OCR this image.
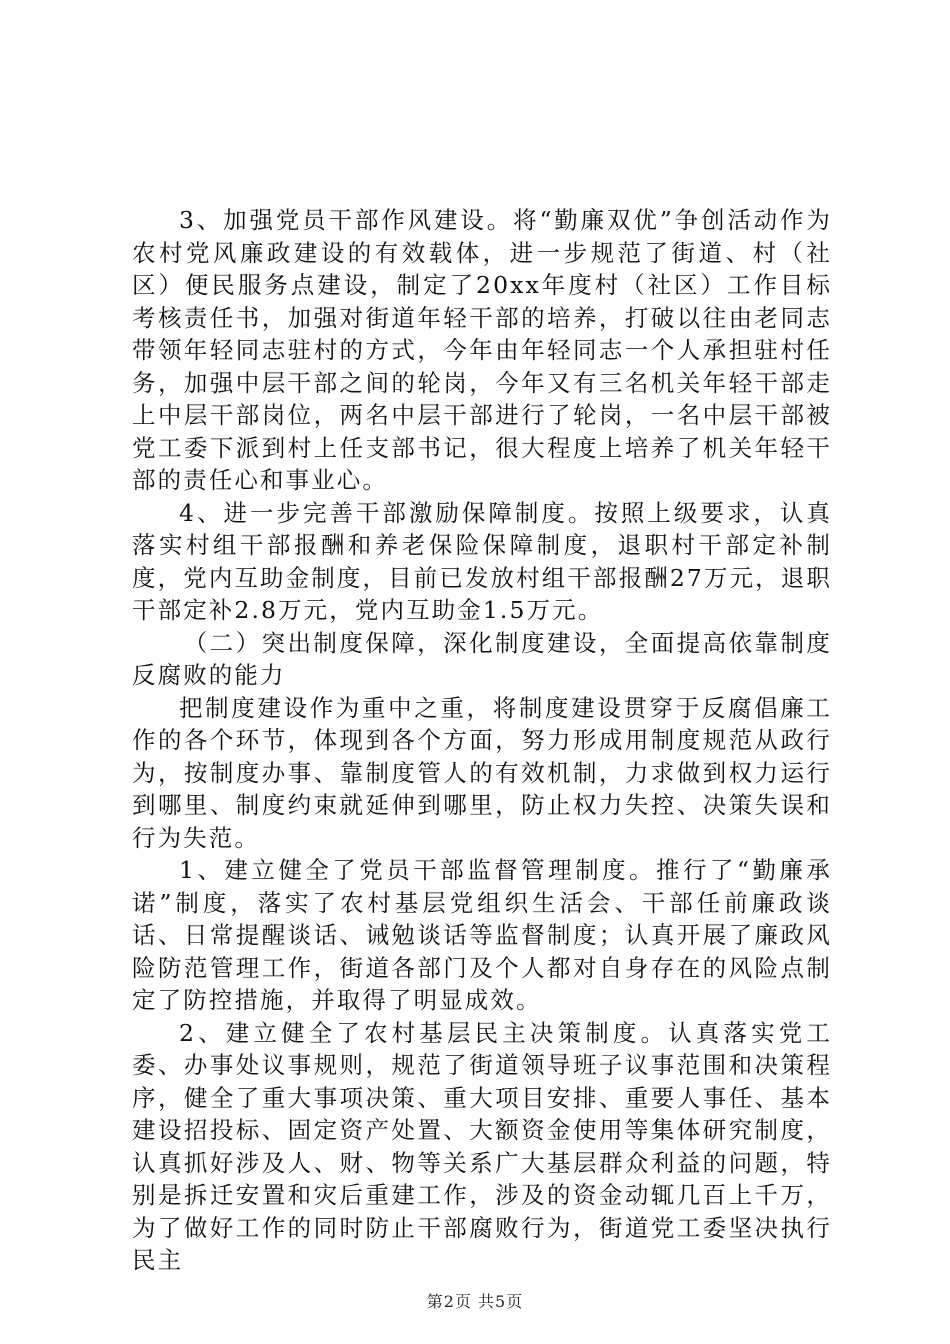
3、加强党员干部作风建设。将“勤廉双优”争创活动作为农村党风廉政建设的有效载体，进一步规范了街道、村（社区）便民服务点建设，制定了20xx年度村（社区）工作目标考核责任书，加强对街道年轻干部的培养，打破以往由老同志带领年轻同志驻村的方式，今年由年轻同志一个人承担驻村任务，加强中层干部之间的轮岗，今年又有三名机关年轻干部走上中层干部岗位，两名中层干部进行了轮岗，一名中层干部被党工委下派到村上任支部书记，很大程度上培养了机关年轻干部的责任心和事业心。

4、进一步完善干部激励保障制度。按照上级要求，认真落实村组干部报酬和养老保险保障制度，退职村干部定补制度，党内互助金制度，目前已发放村组干部报酬27万元，退职干部定补2.8万元，党内互助金1.5万元。

（二）突出制度保障，深化制度建设，全面提高依靠制度反腐败的能力

把制度建设作为重中之重，将制度建设贯穿于反腐倡廉工作的各个环节，体现到各个方面，努力形成用制度规范从政行为，按制度办事、靠制度管人的有效机制，力求做到权力运行到哪里、制度约束就延伸到哪里，防止权力失控、决策失误和行为失范。

1、建立健全了党员干部监督管理制度。推行了“勤廉承诺”制度，落实了农村基层党组织生活会、干部任前廉政谈话、日常提醒谈话、诫勉谈话等监督制度；认真开展了廉政风险防范管理工作，街道各部门及个人都对自身存在的风险点制定了防控措施，并取得了明显成效。

2、建立健全了农村基层民主决策制度。认真落实党工委、办事处议事规则，规范了街道领导班子议事范围和决策程序，健全了重大事项决策、重大项目安排、重要人事任、基本建设招投标、固定资产处置、大额资金使用等集体研究制度，认真抓好涉及人、财、物等关系广大基层群众利益的问题，特别是拆迁安置和灾后重建工作，涉及的资金动辄几百上千万，为了做好工作的同时防止干部腐败行为，街道党工委坚决执行民主

第2页 共5页
